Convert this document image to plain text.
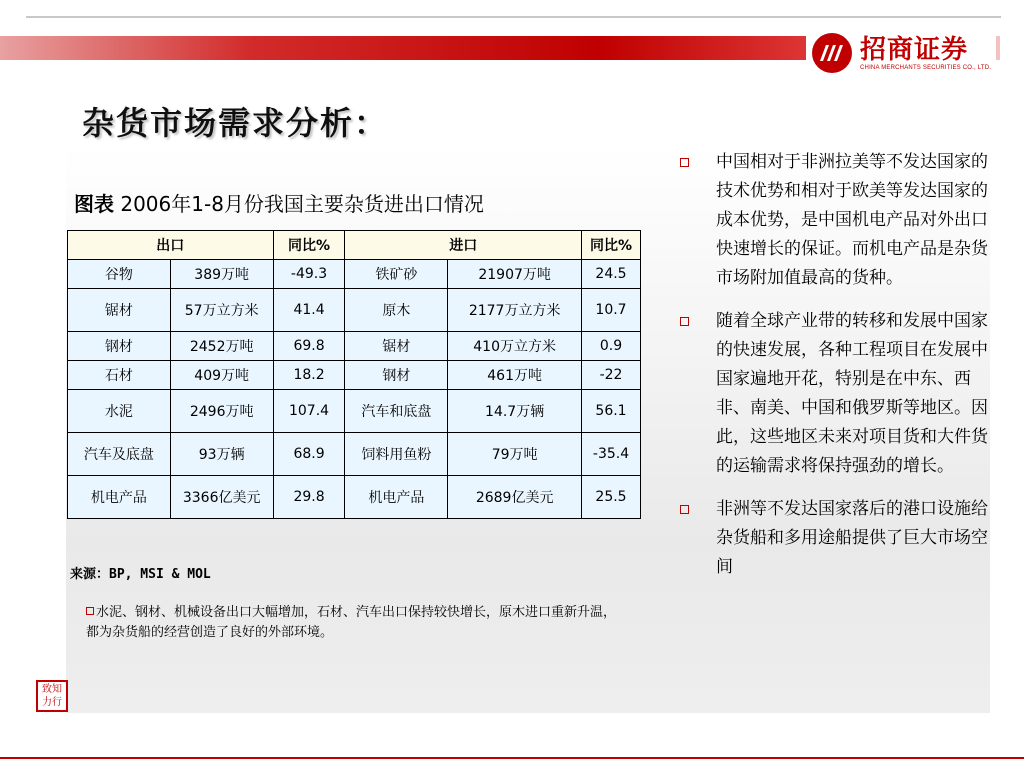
招商证券
CHINA MERCHANTS SECURITIES CO., LTD.
杂货市场需求分析：
图表 2006年1-8月份我国主要杂货进出口情况
出口		同比%	进口		同比%
谷物	389万吨	-49.3	铁矿砂	21907万吨	24.5
锯材	57万立方米	41.4	原木	2177万立方米	10.7
钢材	2452万吨	69.8	锯材	410万立方米	0.9
石材	409万吨	18.2	钢材	461万吨	-22
水泥	2496万吨	107.4	汽车和底盘	14.7万辆	56.1
汽车及底盘	93万辆	68.9	饲料用鱼粉	79万吨	-35.4
机电产品	3366亿美元	29.8	机电产品	2689亿美元	25.5
来源：BP, MSI & MOL
水泥、钢材、机械设备出口大幅增加，石材、汽车出口保持较快增长，原木进口重新升温，都为杂货船的经营创造了良好的外部环境。
中国相对于非洲拉美等不发达国家的技术优势和相对于欧美等发达国家的成本优势，是中国机电产品对外出口快速增长的保证。而机电产品是杂货市场附加值最高的货种。
随着全球产业带的转移和发展中国家的快速发展，各种工程项目在发展中国家遍地开花，特别是在中东、西非、南美、中国和俄罗斯等地区。因此，这些地区未来对项目货和大件货的运输需求将保持强劲的增长。
非洲等不发达国家落后的港口设施给杂货船和多用途船提供了巨大市场空间
致知力行
